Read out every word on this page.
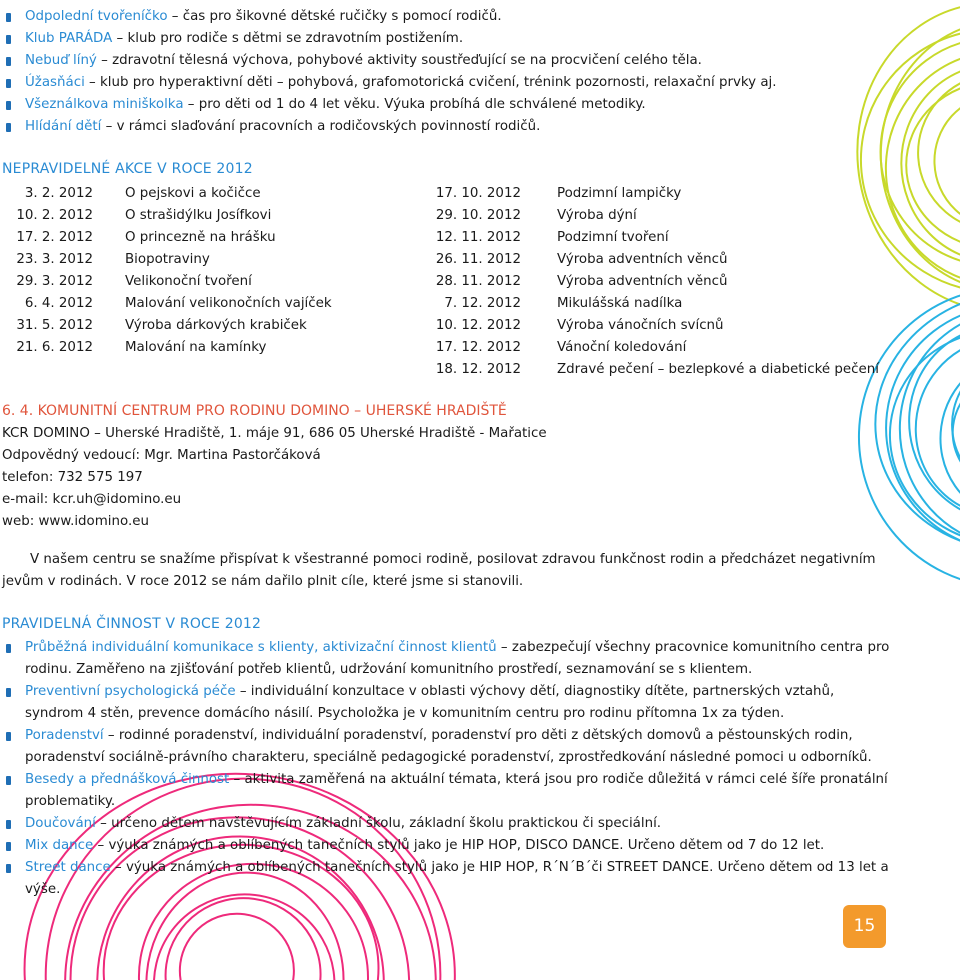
Odpolední tvořeníčko – čas pro šikovné dětské ručičky s pomocí rodičů.
Klub PARÁDA – klub pro rodiče s dětmi se zdravotním postižením.
Nebuď líný – zdravotní tělesná výchova, pohybové aktivity soustřeďující se na procvičení celého těla.
Úžasňáci – klub pro hyperaktivní děti – pohybová, grafomotorická cvičení, trénink pozornosti, relaxační prvky aj.
Všeználkova miniškolka – pro děti od 1 do 4 let věku. Výuka probíhá dle schválené metodiky.
Hlídání dětí – v rámci slaďování pracovních a rodičovských povinností rodičů.
NEPRAVIDELNÉ AKCE V ROCE 2012
3. 2. 2012 O pejskovi a kočičce
10. 2. 2012 O strašidýlku Josífkovi
17. 2. 2012 O princezně na hrášku
23. 3. 2012 Biopotraviny
29. 3. 2012 Velikonoční tvoření
6. 4. 2012 Malování velikonočních vajíček
31. 5. 2012 Výroba dárkových krabiček
21. 6. 2012 Malování na kamínky
17. 10. 2012	Podzimní lampičky
29. 10. 2012	Výroba dýní
12. 11. 2012	Podzimní tvoření
26. 11. 2012	Výroba adventních věnců
28. 11. 2012	Výroba adventních věnců
7. 12. 2012	Mikulášská nadílka
10. 12. 2012	Výroba vánočních svícnů
17. 12. 2012	Vánoční koledování
18. 12. 2012	Zdravé pečení – bezlepkové a diabetické pečení
6. 4. KOMUNITNÍ CENTRUM PRO RODINU DOMINO – UHERSKÉ HRADIŠTĚ
KCR DOMINO – Uherské Hradiště, 1. máje 91, 686 05 Uherské Hradiště - Mařatice
Odpovědný vedoucí: Mgr. Martina Pastorčáková
telefon: 732 575 197
e-mail: kcr.uh@idomino.eu
web: www.idomino.eu

V našem centru se snažíme přispívat k všestranné pomoci rodině, posilovat zdravou funkčnost rodin a předcházet negativním jevům v rodinách. V roce 2012 se nám dařilo plnit cíle, které jsme si stanovili.

PRAVIDELNÁ ČINNOST V ROCE 2012
Průběžná individuální komunikace s klienty, aktivizační činnost klientů – zabezpečují všechny pracovnice komunitního centra pro rodinu. Zaměřeno na zjišťování potřeb klientů, udržování komunitního prostředí, seznamování se s klientem.
Preventivní psychologická péče – individuální konzultace v oblasti výchovy dětí, diagnostiky dítěte, partnerských vztahů, syndrom 4 stěn, prevence domácího násilí. Psycholožka je v komunitním centru pro rodinu přítomna 1x za týden.
Poradenství – rodinné poradenství, individuální poradenství, poradenství pro děti z dětských domovů a pěstounských rodin, poradenství sociálně-právního charakteru, speciálně pedagogické poradenství, zprostředkování následné pomoci u odborníků.
Besedy a přednášková činnost – aktivita zaměřená na aktuální témata, která jsou pro rodiče důležitá v rámci celé šíře pronatální problematiky.
Doučování – určeno dětem navštěvujícím základní školu, základní školu praktickou či speciální.
Mix dance – výuka známých a oblíbených tanečních stylů jako je HIP HOP, DISCO DANCE. Určeno dětem od 7 do 12 let.
Street dance – výuka známých a oblíbených tanečních stylů jako je HIP HOP, R´N´B´či STREET DANCE. Určeno dětem od 13 let a výše.
15
